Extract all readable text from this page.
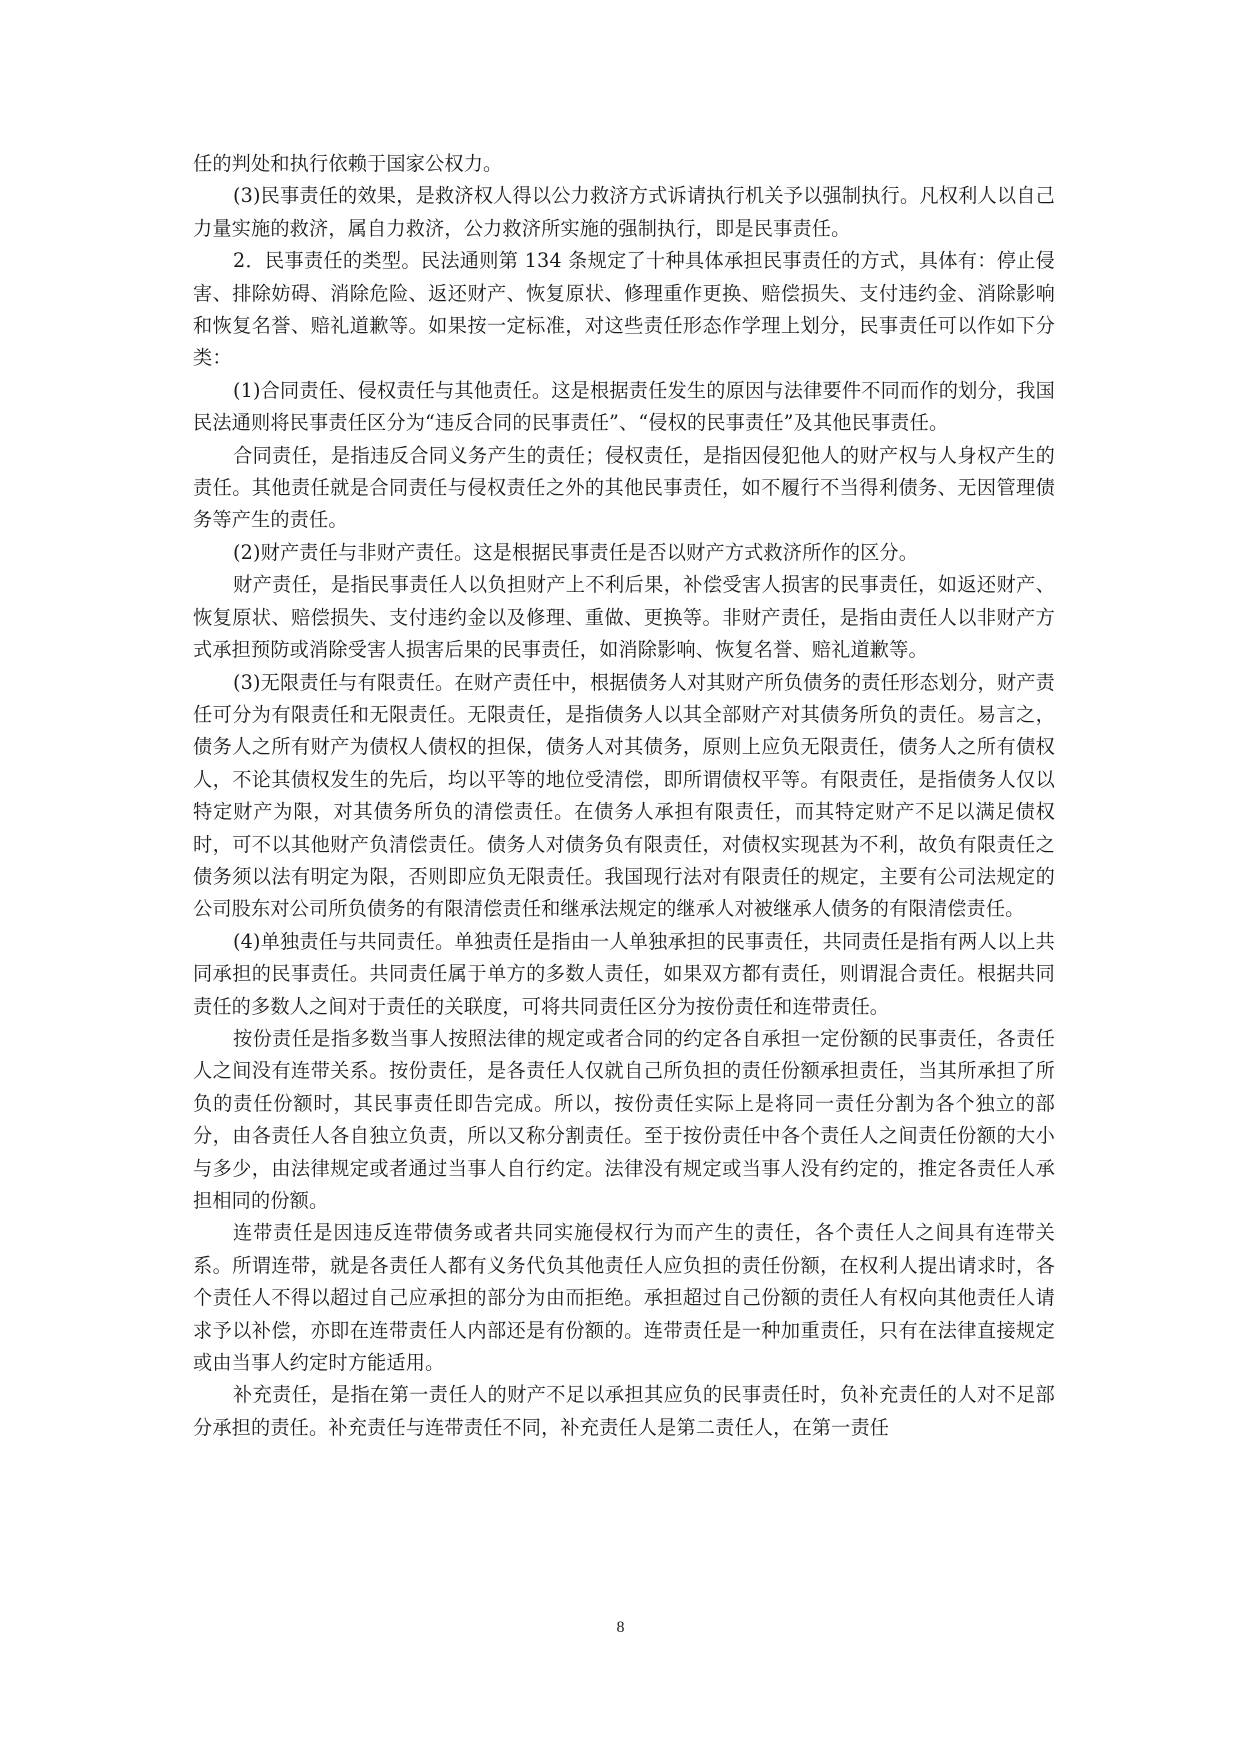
任的判处和执行依赖于国家公权力。

(3)民事责任的效果，是救济权人得以公力救济方式诉请执行机关予以强制执行。凡权利人以自己力量实施的救济，属自力救济，公力救济所实施的强制执行，即是民事责任。

2．民事责任的类型。民法通则第 134 条规定了十种具体承担民事责任的方式，具体有：停止侵害、排除妨碍、消除危险、返还财产、恢复原状、修理重作更换、赔偿损失、支付违约金、消除影响和恢复名誉、赔礼道歉等。如果按一定标准，对这些责任形态作学理上划分，民事责任可以作如下分类：

(1)合同责任、侵权责任与其他责任。这是根据责任发生的原因与法律要件不同而作的划分，我国民法通则将民事责任区分为“违反合同的民事责任”、“侵权的民事责任”及其他民事责任。

合同责任，是指违反合同义务产生的责任；侵权责任，是指因侵犯他人的财产权与人身权产生的责任。其他责任就是合同责任与侵权责任之外的其他民事责任，如不履行不当得利债务、无因管理债务等产生的责任。

(2)财产责任与非财产责任。这是根据民事责任是否以财产方式救济所作的区分。

财产责任，是指民事责任人以负担财产上不利后果，补偿受害人损害的民事责任，如返还财产、恢复原状、赔偿损失、支付违约金以及修理、重做、更换等。非财产责任，是指由责任人以非财产方式承担预防或消除受害人损害后果的民事责任，如消除影响、恢复名誉、赔礼道歉等。

(3)无限责任与有限责任。在财产责任中，根据债务人对其财产所负债务的责任形态划分，财产责任可分为有限责任和无限责任。无限责任，是指债务人以其全部财产对其债务所负的责任。易言之，债务人之所有财产为债权人债权的担保，债务人对其债务，原则上应负无限责任，债务人之所有债权人，不论其债权发生的先后，均以平等的地位受清偿，即所谓债权平等。有限责任，是指债务人仅以特定财产为限，对其债务所负的清偿责任。在债务人承担有限责任，而其特定财产不足以满足债权时，可不以其他财产负清偿责任。债务人对债务负有限责任，对债权实现甚为不利，故负有限责任之债务须以法有明定为限，否则即应负无限责任。我国现行法对有限责任的规定，主要有公司法规定的公司股东对公司所负债务的有限清偿责任和继承法规定的继承人对被继承人债务的有限清偿责任。

(4)单独责任与共同责任。单独责任是指由一人单独承担的民事责任，共同责任是指有两人以上共同承担的民事责任。共同责任属于单方的多数人责任，如果双方都有责任，则谓混合责任。根据共同责任的多数人之间对于责任的关联度，可将共同责任区分为按份责任和连带责任。

按份责任是指多数当事人按照法律的规定或者合同的约定各自承担一定份额的民事责任，各责任人之间没有连带关系。按份责任，是各责任人仅就自己所负担的责任份额承担责任，当其所承担了所负的责任份额时，其民事责任即告完成。所以，按份责任实际上是将同一责任分割为各个独立的部分，由各责任人各自独立负责，所以又称分割责任。至于按份责任中各个责任人之间责任份额的大小与多少，由法律规定或者通过当事人自行约定。法律没有规定或当事人没有约定的，推定各责任人承担相同的份额。

连带责任是因违反连带债务或者共同实施侵权行为而产生的责任，各个责任人之间具有连带关系。所谓连带，就是各责任人都有义务代负其他责任人应负担的责任份额，在权利人提出请求时，各个责任人不得以超过自己应承担的部分为由而拒绝。承担超过自己份额的责任人有权向其他责任人请求予以补偿，亦即在连带责任人内部还是有份额的。连带责任是一种加重责任，只有在法律直接规定或由当事人约定时方能适用。

补充责任，是指在第一责任人的财产不足以承担其应负的民事责任时，负补充责任的人对不足部分承担的责任。补充责任与连带责任不同，补充责任人是第二责任人，在第一责任

8
